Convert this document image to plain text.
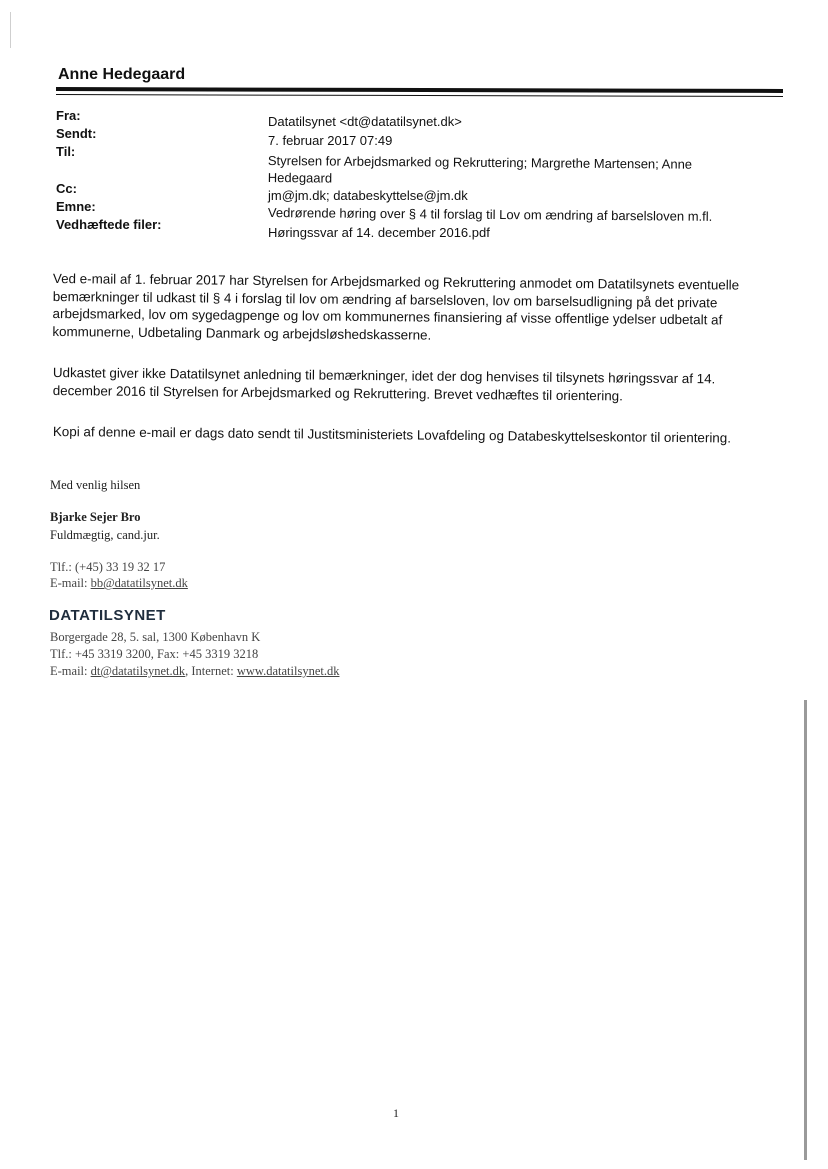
Anne Hedegaard
Fra:	Datatilsynet <dt@datatilsynet.dk>
Sendt:	7. februar 2017 07:49
Til:
Styrelsen for Arbejdsmarked og Rekruttering; Margrethe Martensen; Anne Hedegaard
Cc:	jm@jm.dk; databeskyttelse@jm.dk
Emne:	Vedrørende høring over § 4 til forslag til Lov om ændring af barselsloven m.fl.
Vedhæftede filer:
Høringssvar af 14. december 2016.pdf
Ved e-mail af 1. februar 2017 har Styrelsen for Arbejdsmarked og Rekruttering anmodet om Datatilsynets eventuelle bemærkninger til udkast til § 4 i forslag til lov om ændring af barselsloven, lov om barselsudligning på det private arbejdsmarked, lov om sygedagpenge og lov om kommunernes finansiering af visse offentlige ydelser udbetalt af kommunerne, Udbetaling Danmark og arbejdsløshedskasserne.
Udkastet giver ikke Datatilsynet anledning til bemærkninger, idet der dog henvises til tilsynets høringssvar af 14. december 2016 til Styrelsen for Arbejdsmarked og Rekruttering. Brevet vedhæftes til orientering.
Kopi af denne e-mail er dags dato sendt til Justitsministeriets Lovafdeling og Databeskyttelseskontor til orientering.
Med venlig hilsen
Bjarke Sejer Bro
Fuldmægtig, cand.jur.
Tlf.: (+45) 33 19 32 17
E-mail: bb@datatilsynet.dk
DATATILSYNET
Borgergade 28, 5. sal, 1300 København K
Tlf.: +45 3319 3200, Fax: +45 3319 3218
E-mail: dt@datatilsynet.dk, Internet: www.datatilsynet.dk
1
